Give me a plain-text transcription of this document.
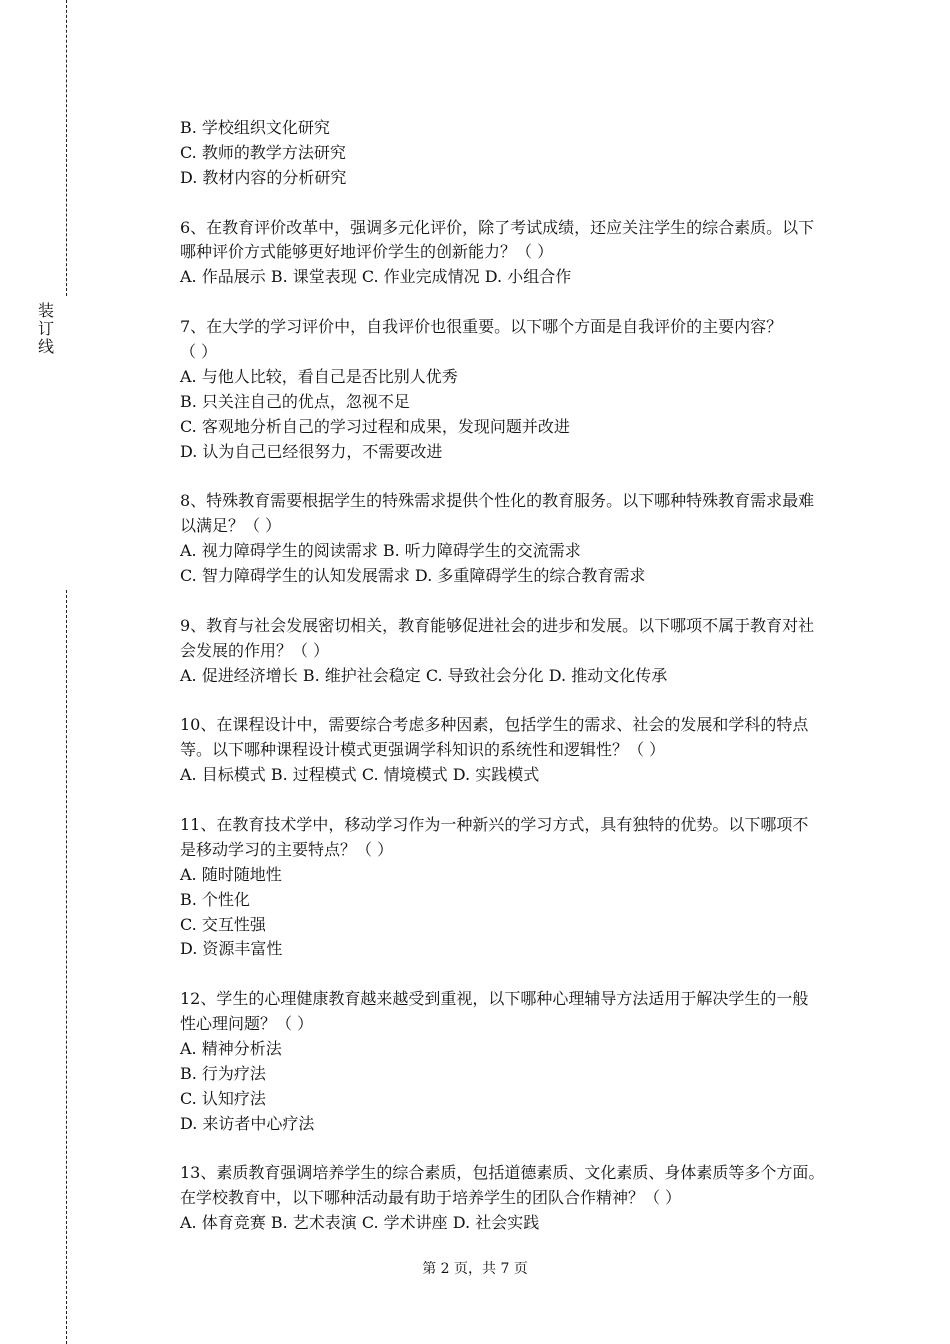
装
订
线
B. 学校组织文化研究
C. 教师的教学方法研究
D. 教材内容的分析研究
6、在教育评价改革中，强调多元化评价，除了考试成绩，还应关注学生的综合素质。以下
哪种评价方式能够更好地评价学生的创新能力？（ ）
A. 作品展示 B. 课堂表现 C. 作业完成情况 D. 小组合作
7、在大学的学习评价中，自我评价也很重要。以下哪个方面是自我评价的主要内容？
（ ）
A. 与他人比较，看自己是否比别人优秀
B. 只关注自己的优点，忽视不足
C. 客观地分析自己的学习过程和成果，发现问题并改进
D. 认为自己已经很努力，不需要改进
8、特殊教育需要根据学生的特殊需求提供个性化的教育服务。以下哪种特殊教育需求最难
以满足？（ ）
A. 视力障碍学生的阅读需求 B. 听力障碍学生的交流需求
C. 智力障碍学生的认知发展需求 D. 多重障碍学生的综合教育需求
9、教育与社会发展密切相关，教育能够促进社会的进步和发展。以下哪项不属于教育对社
会发展的作用？（ ）
A. 促进经济增长 B. 维护社会稳定 C. 导致社会分化 D. 推动文化传承
10、在课程设计中，需要综合考虑多种因素，包括学生的需求、社会的发展和学科的特点
等。以下哪种课程设计模式更强调学科知识的系统性和逻辑性？（ ）
A. 目标模式 B. 过程模式 C. 情境模式 D. 实践模式
11、在教育技术学中，移动学习作为一种新兴的学习方式，具有独特的优势。以下哪项不
是移动学习的主要特点？（ ）
A. 随时随地性
B. 个性化
C. 交互性强
D. 资源丰富性
12、学生的心理健康教育越来越受到重视，以下哪种心理辅导方法适用于解决学生的一般
性心理问题？（ ）
A. 精神分析法
B. 行为疗法
C. 认知疗法
D. 来访者中心疗法
13、素质教育强调培养学生的综合素质，包括道德素质、文化素质、身体素质等多个方面。
在学校教育中，以下哪种活动最有助于培养学生的团队合作精神？（ ）
A. 体育竞赛 B. 艺术表演 C. 学术讲座 D. 社会实践
第 2 页，共 7 页
